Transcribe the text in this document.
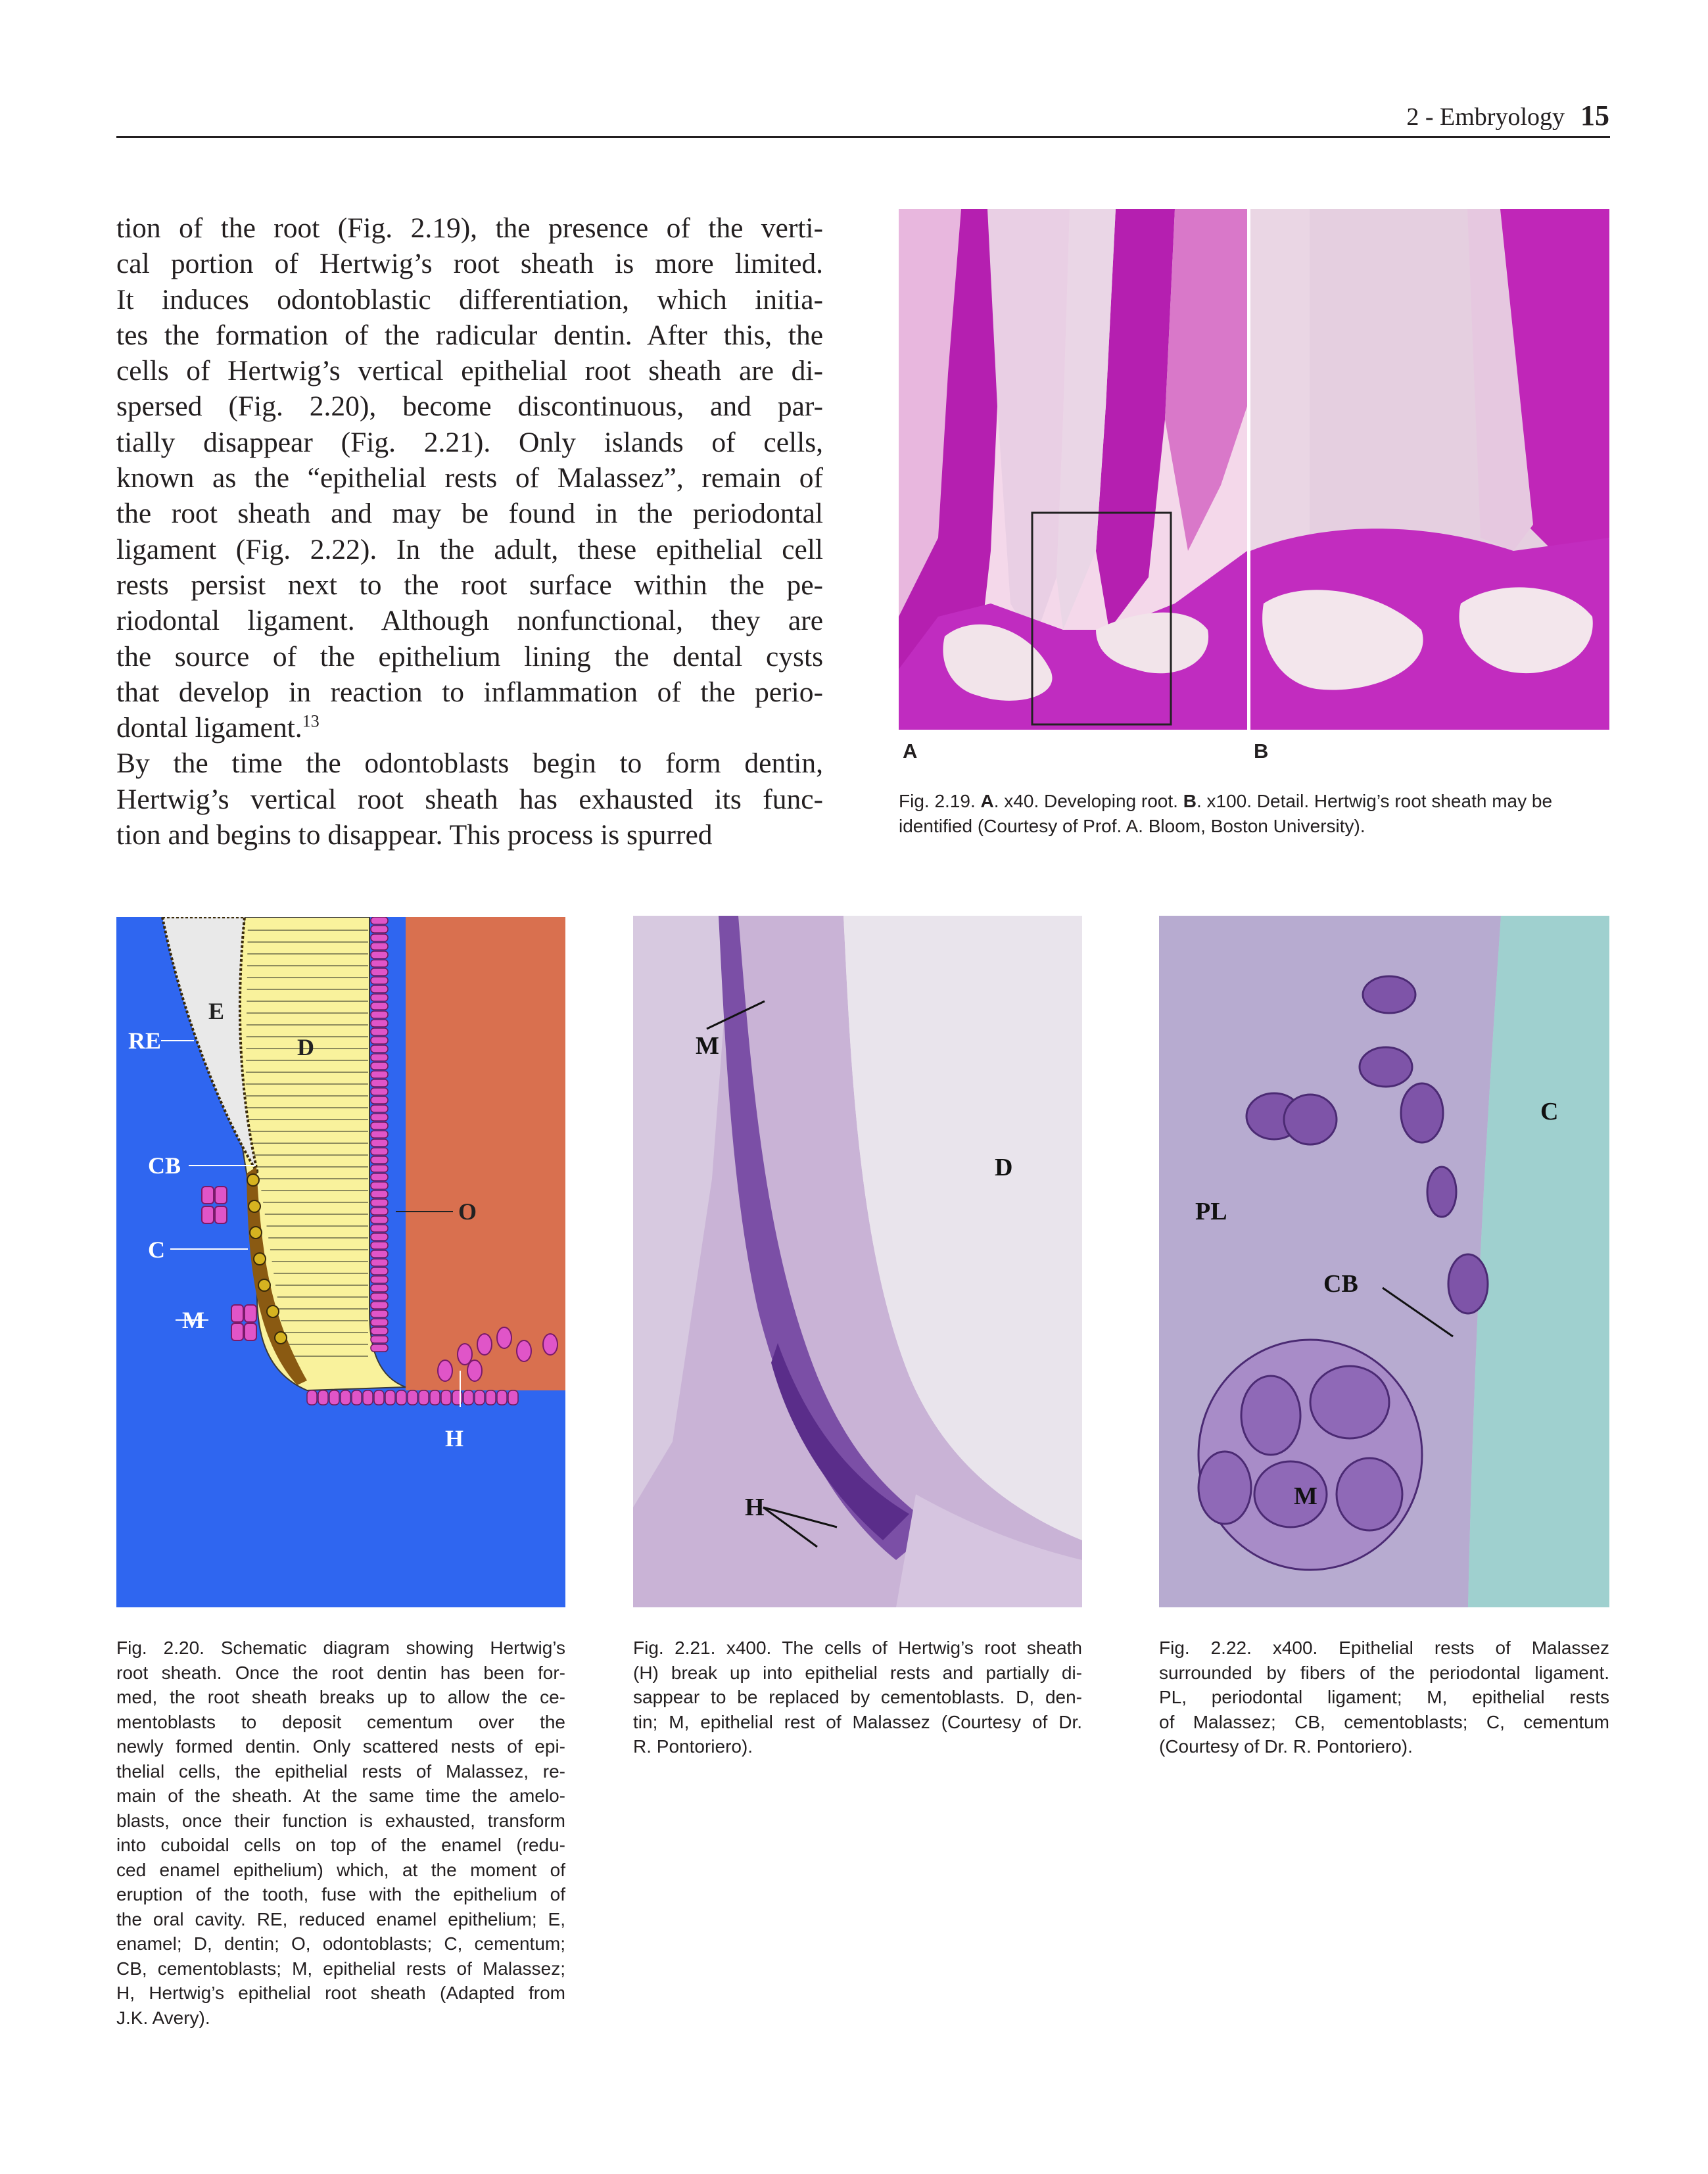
2 - Embryology 15

tion of the root (Fig. 2.19), the presence of the verti-
cal portion of Hertwig’s root sheath is more limited.
It induces odontoblastic differentiation, which initia-
tes the formation of the radicular dentin. After this, the
cells of Hertwig’s vertical epithelial root sheath are di-
spersed (Fig. 2.20), become discontinuous, and par-
tially disappear (Fig. 2.21). Only islands of cells,
known as the “epithelial rests of Malassez”, remain of
the root sheath and may be found in the periodontal
ligament (Fig. 2.22). In the adult, these epithelial cell
rests persist next to the root surface within the pe-
riodontal ligament. Although nonfunctional, they are
the source of the epithelium lining the dental cysts
that develop in reaction to inflammation of the perio-
dontal ligament.$^{13}$

By the time the odontoblasts begin to form dentin,
Hertwig’s vertical root sheath has exhausted its func-
tion and begins to disappear. This process is spurred

A	B
Fig. 2.19. A. x40. Developing root. B. x100. Detail. Hertwig’s root sheath may be
identified (Courtesy of Prof. A. Bloom, Boston University).
E
RE	D
CB
O
C
M
H
Fig. 2.20. Schematic diagram showing Hertwig’s
root sheath. Once the root dentin has been for-
med, the root sheath breaks up to allow the ce-
mentoblasts to deposit cementum over the
newly formed dentin. Only scattered nests of epi-
thelial cells, the epithelial rests of Malassez, re-
main of the sheath. At the same time the amelo-
blasts, once their function is exhausted, transform
into cuboidal cells on top of the enamel (redu-
ced enamel epithelium) which, at the moment of
eruption of the tooth, fuse with the epithelium of
the oral cavity. RE, reduced enamel epithelium; E,
enamel; D, dentin; O, odontoblasts; C, cementum;
CB, cementoblasts; M, epithelial rests of Malassez;
H, Hertwig’s epithelial root sheath (Adapted from
J.K. Avery).
M
D
H
Fig. 2.21. x400. The cells of Hertwig’s root sheath
(H) break up into epithelial rests and partially di-
sappear to be replaced by cementoblasts. D, den-
tin; M, epithelial rest of Malassez (Courtesy of Dr.
R. Pontoriero).
C
PL
CB
M
Fig. 2.22. x400. Epithelial rests of Malassez
surrounded by fibers of the periodontal ligament.
PL, periodontal ligament; M, epithelial rests
of Malassez; CB, cementoblasts; C, cementum
(Courtesy of Dr. R. Pontoriero).
